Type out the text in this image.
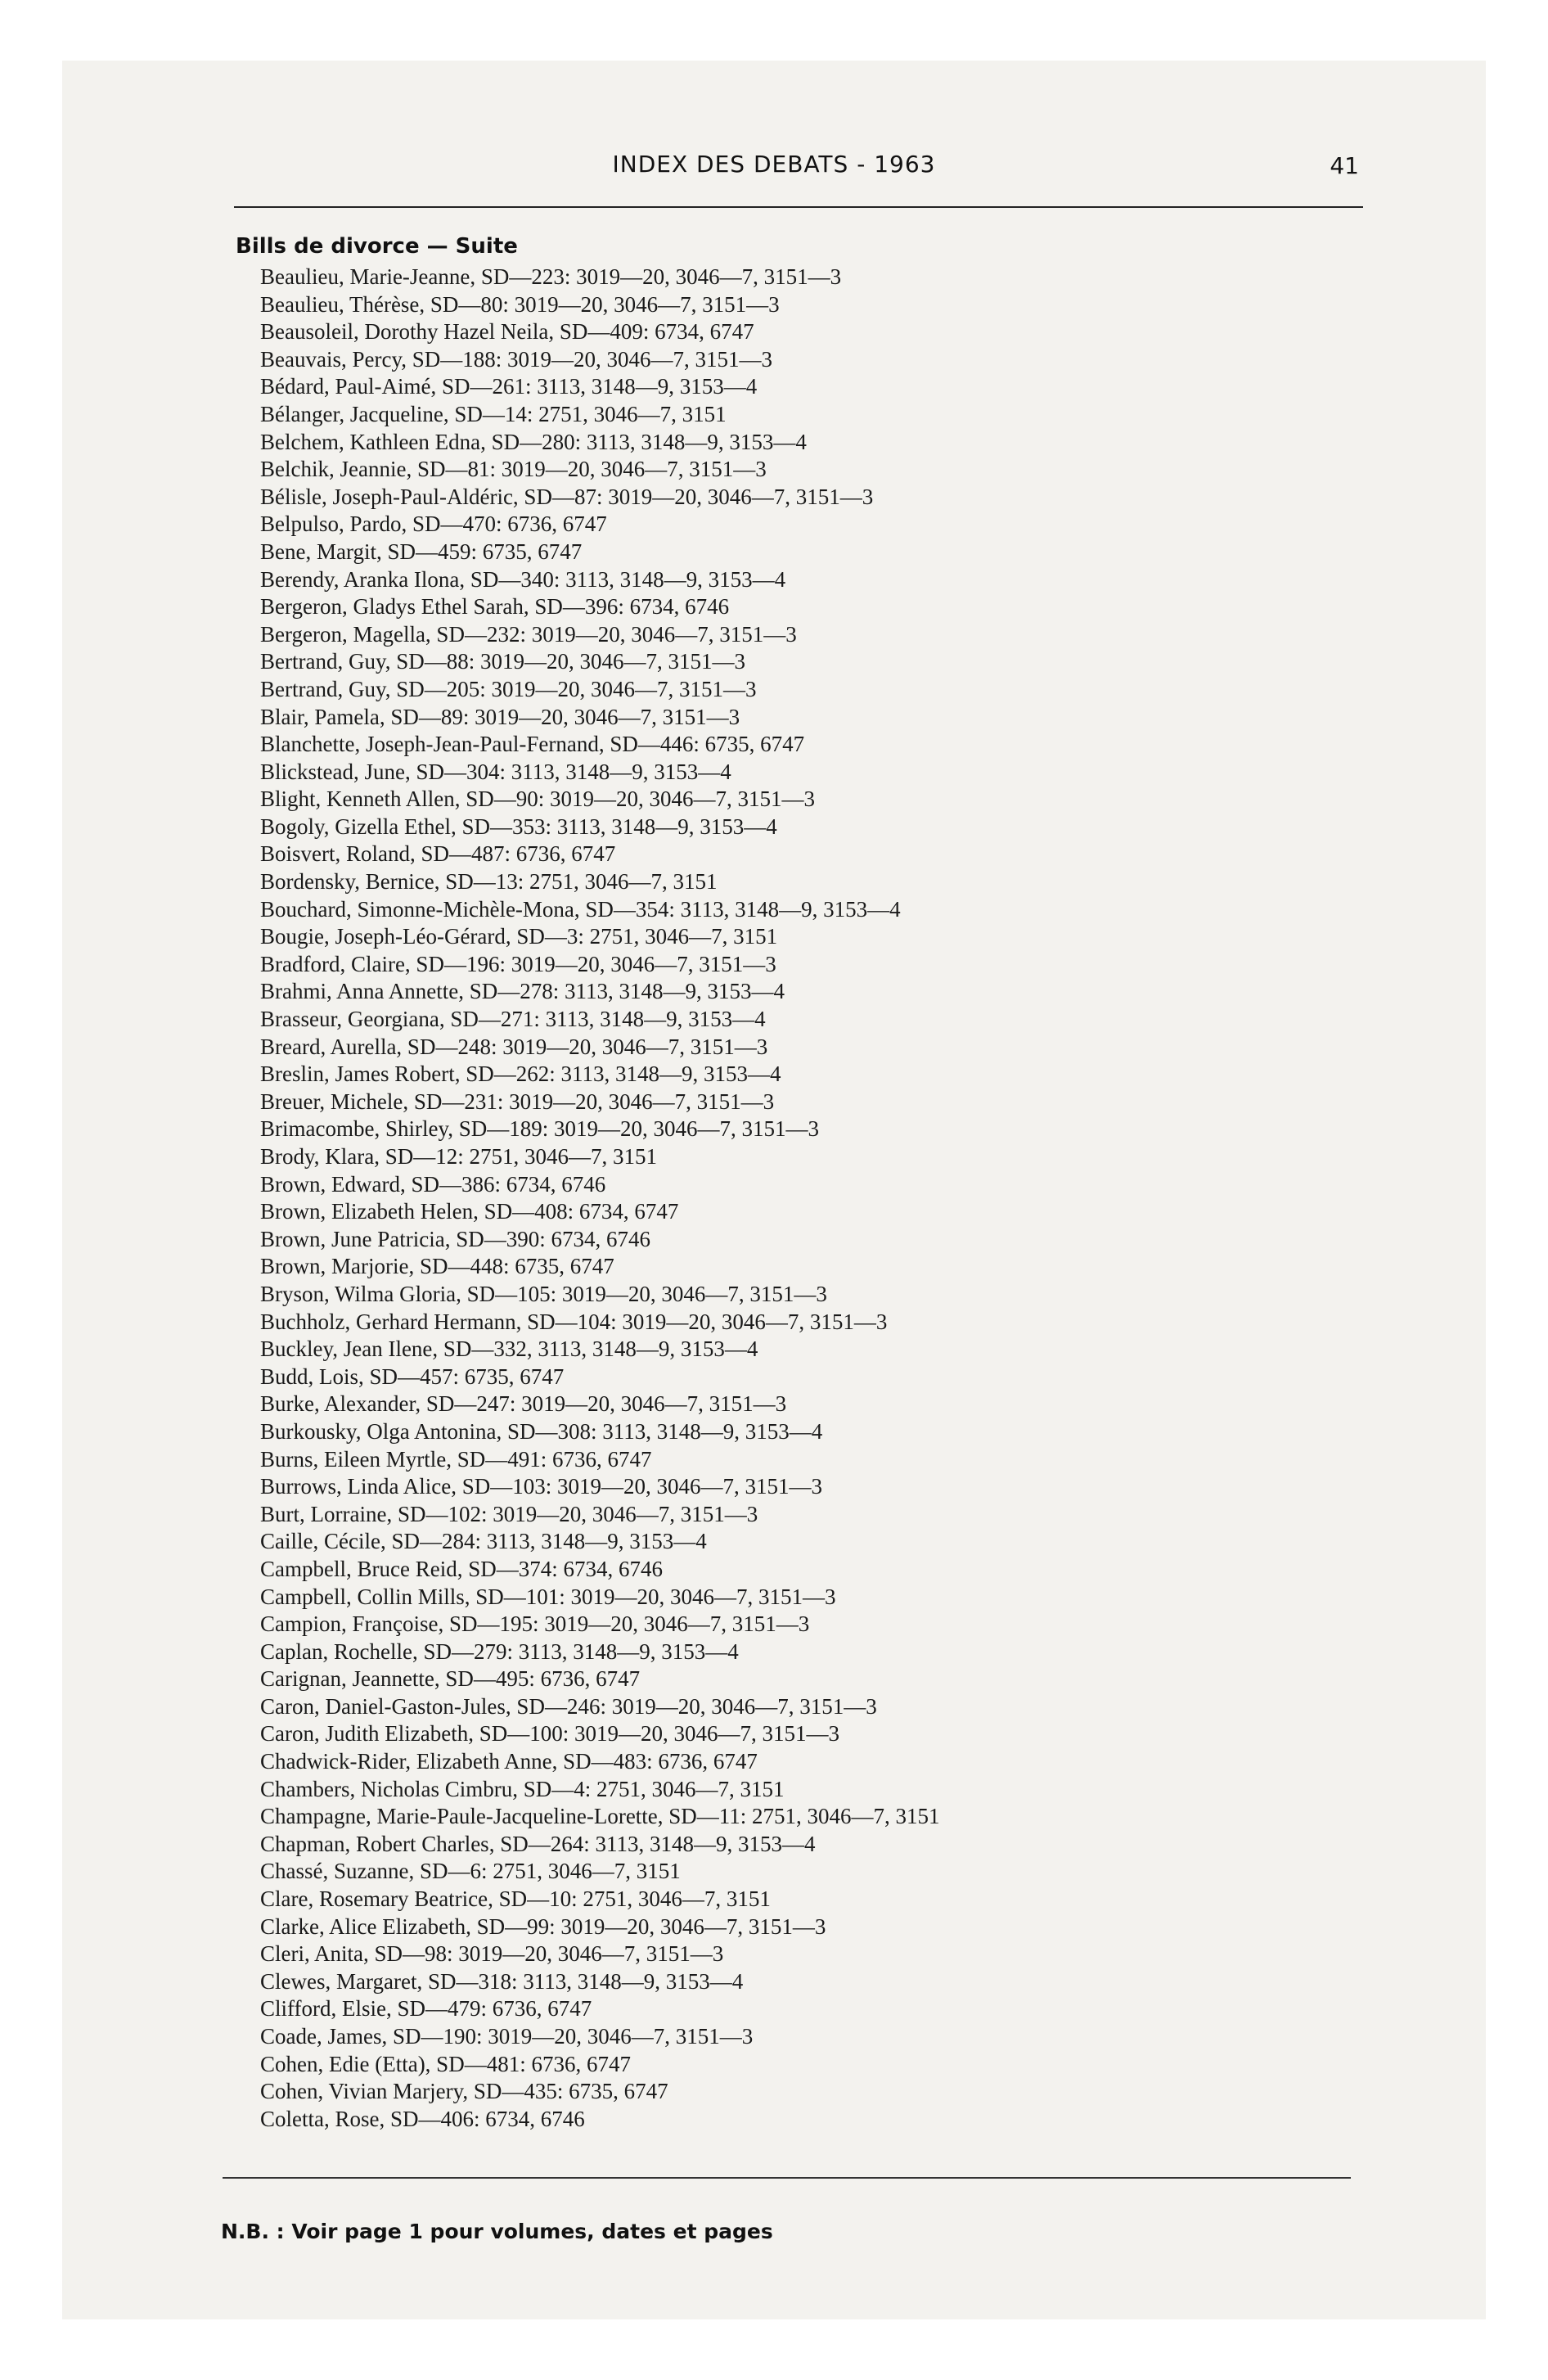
INDEX DES DEBATS - 1963	41
Bills de divorce — Suite
Beaulieu, Marie-Jeanne, SD—223: 3019—20, 3046—7, 3151—3
Beaulieu, Thérèse, SD—80: 3019—20, 3046—7, 3151—3
Beausoleil, Dorothy Hazel Neila, SD—409: 6734, 6747
Beauvais, Percy, SD—188: 3019—20, 3046—7, 3151—3
Bédard, Paul-Aimé, SD—261: 3113, 3148—9, 3153—4
Bélanger, Jacqueline, SD—14: 2751, 3046—7, 3151
Belchem, Kathleen Edna, SD—280: 3113, 3148—9, 3153—4
Belchik, Jeannie, SD—81: 3019—20, 3046—7, 3151—3
Bélisle, Joseph-Paul-Aldéric, SD—87: 3019—20, 3046—7, 3151—3
Belpulso, Pardo, SD—470: 6736, 6747
Bene, Margit, SD—459: 6735, 6747
Berendy, Aranka Ilona, SD—340: 3113, 3148—9, 3153—4
Bergeron, Gladys Ethel Sarah, SD—396: 6734, 6746
Bergeron, Magella, SD—232: 3019—20, 3046—7, 3151—3
Bertrand, Guy, SD—88: 3019—20, 3046—7, 3151—3
Bertrand, Guy, SD—205: 3019—20, 3046—7, 3151—3
Blair, Pamela, SD—89: 3019—20, 3046—7, 3151—3
Blanchette, Joseph-Jean-Paul-Fernand, SD—446: 6735, 6747
Blickstead, June, SD—304: 3113, 3148—9, 3153—4
Blight, Kenneth Allen, SD—90: 3019—20, 3046—7, 3151—3
Bogoly, Gizella Ethel, SD—353: 3113, 3148—9, 3153—4
Boisvert, Roland, SD—487: 6736, 6747
Bordensky, Bernice, SD—13: 2751, 3046—7, 3151
Bouchard, Simonne-Michèle-Mona, SD—354: 3113, 3148—9, 3153—4
Bougie, Joseph-Léo-Gérard, SD—3: 2751, 3046—7, 3151
Bradford, Claire, SD—196: 3019—20, 3046—7, 3151—3
Brahmi, Anna Annette, SD—278: 3113, 3148—9, 3153—4
Brasseur, Georgiana, SD—271: 3113, 3148—9, 3153—4
Breard, Aurella, SD—248: 3019—20, 3046—7, 3151—3
Breslin, James Robert, SD—262: 3113, 3148—9, 3153—4
Breuer, Michele, SD—231: 3019—20, 3046—7, 3151—3
Brimacombe, Shirley, SD—189: 3019—20, 3046—7, 3151—3
Brody, Klara, SD—12: 2751, 3046—7, 3151
Brown, Edward, SD—386: 6734, 6746
Brown, Elizabeth Helen, SD—408: 6734, 6747
Brown, June Patricia, SD—390: 6734, 6746
Brown, Marjorie, SD—448: 6735, 6747
Bryson, Wilma Gloria, SD—105: 3019—20, 3046—7, 3151—3
Buchholz, Gerhard Hermann, SD—104: 3019—20, 3046—7, 3151—3
Buckley, Jean Ilene, SD—332, 3113, 3148—9, 3153—4
Budd, Lois, SD—457: 6735, 6747
Burke, Alexander, SD—247: 3019—20, 3046—7, 3151—3
Burkousky, Olga Antonina, SD—308: 3113, 3148—9, 3153—4
Burns, Eileen Myrtle, SD—491: 6736, 6747
Burrows, Linda Alice, SD—103: 3019—20, 3046—7, 3151—3
Burt, Lorraine, SD—102: 3019—20, 3046—7, 3151—3
Caille, Cécile, SD—284: 3113, 3148—9, 3153—4
Campbell, Bruce Reid, SD—374: 6734, 6746
Campbell, Collin Mills, SD—101: 3019—20, 3046—7, 3151—3
Campion, Françoise, SD—195: 3019—20, 3046—7, 3151—3
Caplan, Rochelle, SD—279: 3113, 3148—9, 3153—4
Carignan, Jeannette, SD—495: 6736, 6747
Caron, Daniel-Gaston-Jules, SD—246: 3019—20, 3046—7, 3151—3
Caron, Judith Elizabeth, SD—100: 3019—20, 3046—7, 3151—3
Chadwick-Rider, Elizabeth Anne, SD—483: 6736, 6747
Chambers, Nicholas Cimbru, SD—4: 2751, 3046—7, 3151
Champagne, Marie-Paule-Jacqueline-Lorette, SD—11: 2751, 3046—7, 3151
Chapman, Robert Charles, SD—264: 3113, 3148—9, 3153—4
Chassé, Suzanne, SD—6: 2751, 3046—7, 3151
Clare, Rosemary Beatrice, SD—10: 2751, 3046—7, 3151
Clarke, Alice Elizabeth, SD—99: 3019—20, 3046—7, 3151—3
Cleri, Anita, SD—98: 3019—20, 3046—7, 3151—3
Clewes, Margaret, SD—318: 3113, 3148—9, 3153—4
Clifford, Elsie, SD—479: 6736, 6747
Coade, James, SD—190: 3019—20, 3046—7, 3151—3
Cohen, Edie (Etta), SD—481: 6736, 6747
Cohen, Vivian Marjery, SD—435: 6735, 6747
Coletta, Rose, SD—406: 6734, 6746
N.B. : Voir page 1 pour volumes, dates et pages
